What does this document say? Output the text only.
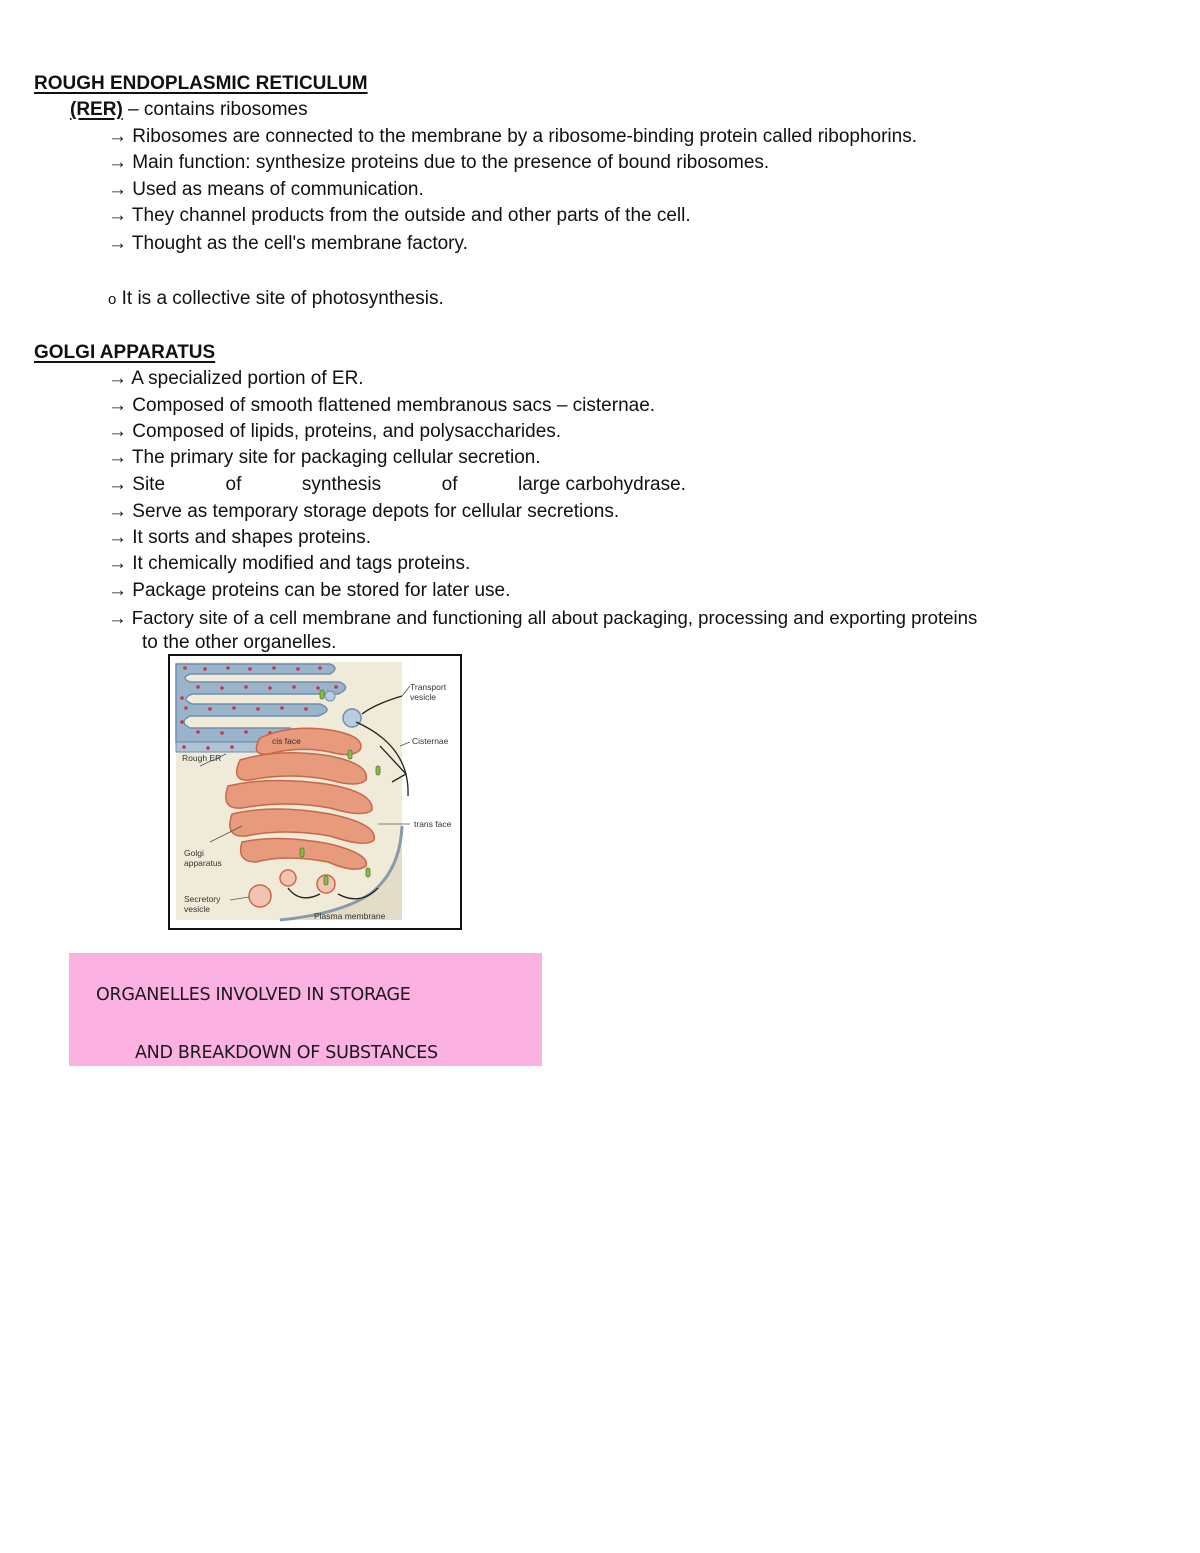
ROUGH ENDOPLASMIC RETICULUM
(RER) – contains ribosomes
→ Ribosomes are connected to the membrane by a ribosome-binding protein called ribophorins.
→ Main function: synthesize proteins due to the presence of bound ribosomes.
→ Used as means of communication.
→ They channel products from the outside and other parts of the cell.
→ Thought as the cell's membrane factory.
o It is a collective site of photosynthesis.
GOLGI APPARATUS
→ A specialized portion of ER.
→ Composed of smooth flattened membranous sacs – cisternae.
→ Composed of lipids, proteins, and polysaccharides.
→ The primary site for packaging cellular secretion.
→ Site	of	synthesis	of	large carbohydrase.
→ Serve as temporary storage depots for cellular secretions.
→ It sorts and shapes proteins.
→ It chemically modified and tags proteins.
→ Package proteins can be stored for later use.
→ Factory site of a cell membrane and functioning all about packaging, processing and exporting proteins
to the other organelles.
Transport
vesicle
cis face
Rough ER
Cisternae
trans face
Golgi
apparatus
Secretory
vesicle
Plasma membrane
ORGANELLES INVOLVED IN STORAGE
AND BREAKDOWN OF SUBSTANCES
